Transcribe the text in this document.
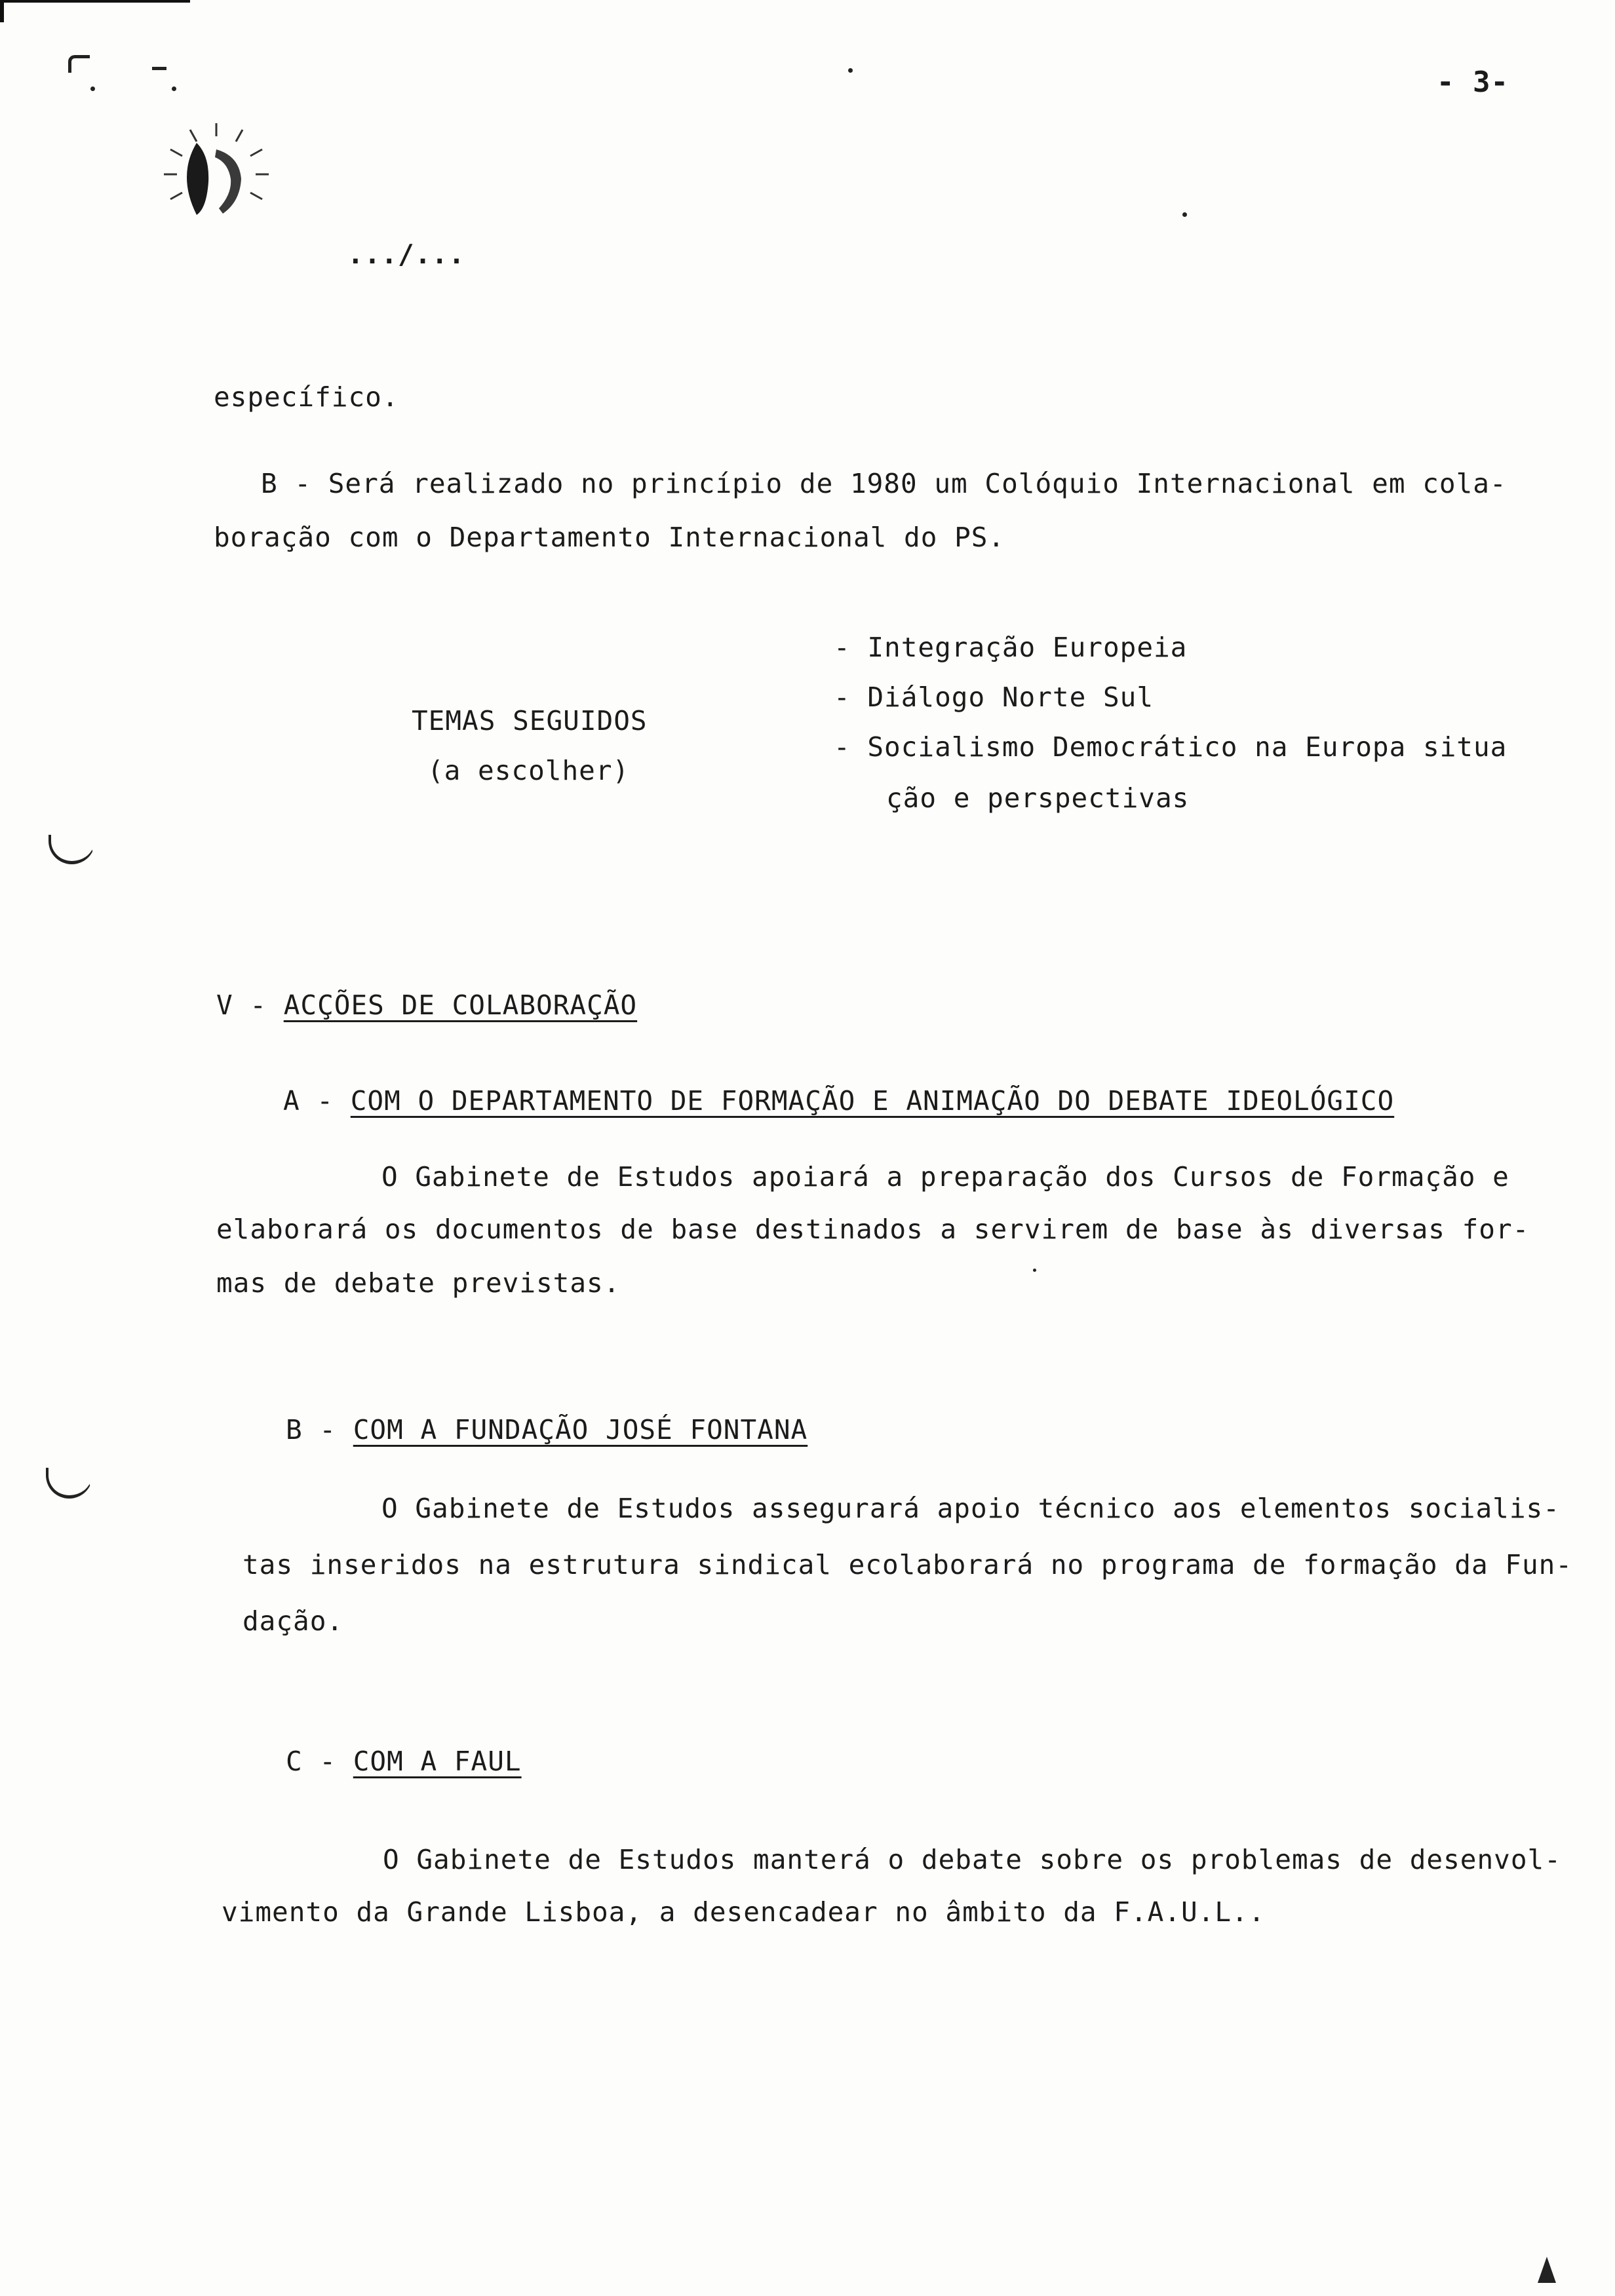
- 3-
.../...
específico.
B - Será realizado no princípio de 1980 um Colóquio Internacional em cola-
boração com o Departamento Internacional do PS.
TEMAS SEGUIDOS
(a escolher)
- Integração Europeia
- Diálogo Norte Sul
- Socialismo Democrático na Europa situa
ção e perspectivas
V - ACÇÕES DE COLABORAÇÃO
A - COM O DEPARTAMENTO DE FORMAÇÃO E ANIMAÇÃO DO DEBATE IDEOLÓGICO
O Gabinete de Estudos apoiará a preparação dos Cursos de Formação e
elaborará os documentos de base destinados a servirem de base às diversas for-
mas de debate previstas.
B - COM A FUNDAÇÃO JOSÉ FONTANA
O Gabinete de Estudos assegurará apoio técnico aos elementos socialis-
tas inseridos na estrutura sindical ecolaborará no programa de formação da Fun-
dação.
C - COM A FAUL
O Gabinete de Estudos manterá o debate sobre os problemas de desenvol-
vimento da Grande Lisboa, a desencadear no âmbito da F.A.U.L..
